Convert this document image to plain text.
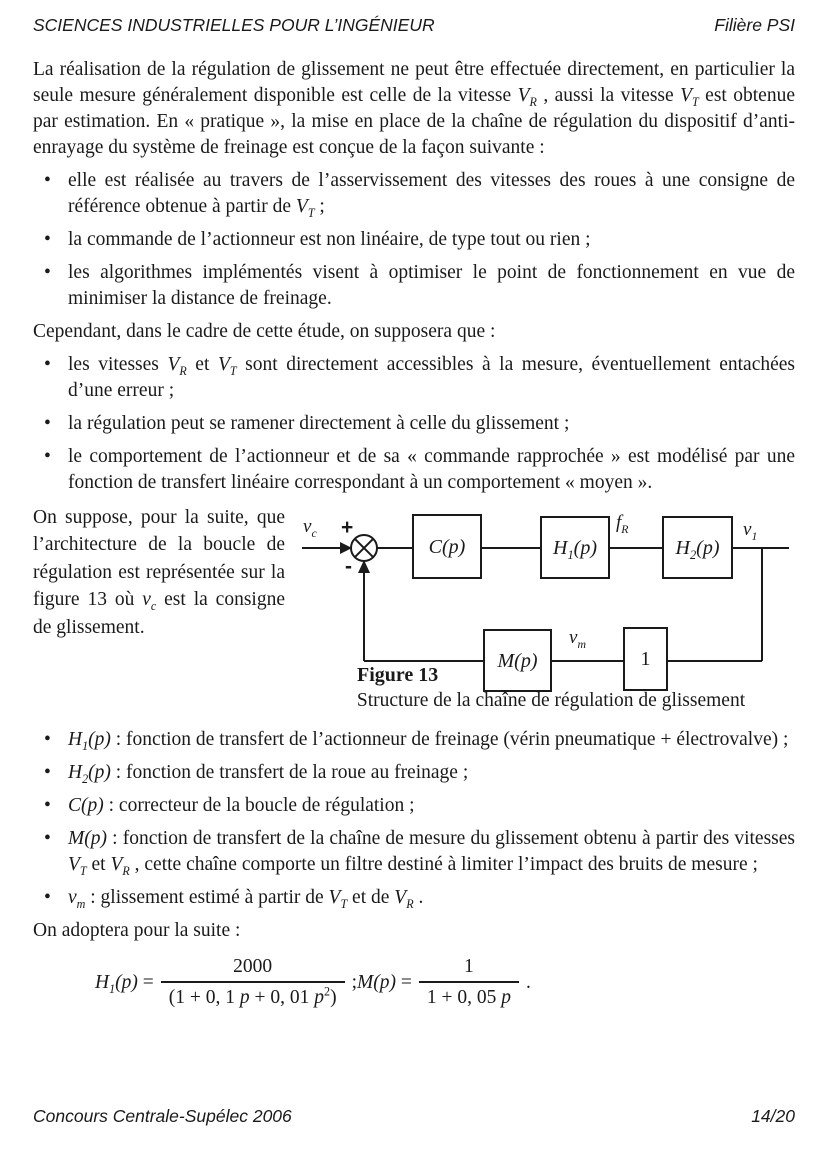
SCIENCES INDUSTRIELLES POUR L’INGÉNIEUR	Filière PSI

La réalisation de la régulation de glissement ne peut être effectuée directement, en particulier la seule mesure généralement disponible est celle de la vitesse $V_R$ , aussi la vitesse $V_T$ est obtenue par estimation. En « pratique », la mise en place de la chaîne de régulation du dispositif d’anti-enrayage du système de freinage est conçue de la façon suivante :

• elle est réalisée au travers de l’asservissement des vitesses des roues à une consigne de référence obtenue à partir de $V_T$ ;
• la commande de l’actionneur est non linéaire, de type tout ou rien ;
• les algorithmes implémentés visent à optimiser le point de fonctionnement en vue de minimiser la distance de freinage.

Cependant, dans le cadre de cette étude, on supposera que :

• les vitesses $V_R$ et $V_T$ sont directement accessibles à la mesure, éventuellement entachées d’une erreur ;
• la régulation peut se ramener directement à celle du glissement ;
• le comportement de l’actionneur et de sa « commande rapprochée » est modélisé par une fonction de transfert linéaire correspondant à un comportement « moyen ».
On suppose, pour la suite, que l’architecture de la boucle de régulation est représentée sur la figure 13 où $\nu_c$ est la consigne de glissement.
C(p)	$H_1(p)$	$H_2(p)$
M(p)	1
$\nu_c$ +
-
$f_R$	$\nu_1$
$\nu_m$
Figure 13
Structure de la chaîne de régulation de glissement
• $H_1(p)$ : fonction de transfert de l’actionneur de freinage (vérin pneumatique + électrovalve) ;
• $H_2(p)$ : fonction de transfert de la roue au freinage ;
• C(p) : correcteur de la boucle de régulation ;
• M(p) : fonction de transfert de la chaîne de mesure du glissement obtenu à partir des vitesses $V_T$ et $V_R$ , cette chaîne comporte un filtre destiné à limiter l’impact des bruits de mesure ;
• $\nu_m$ : glissement estimé à partir de $V_T$ et de $V_R$ .

On adoptera pour la suite :

$H_1(p) = \frac{2000}{(1 + 0, 1 p + 0, 01 p^2)}$ ; $M(p) = \frac{1}{1 + 0, 05 p}$ .
Concours Centrale-Supélec 2006	14/20
